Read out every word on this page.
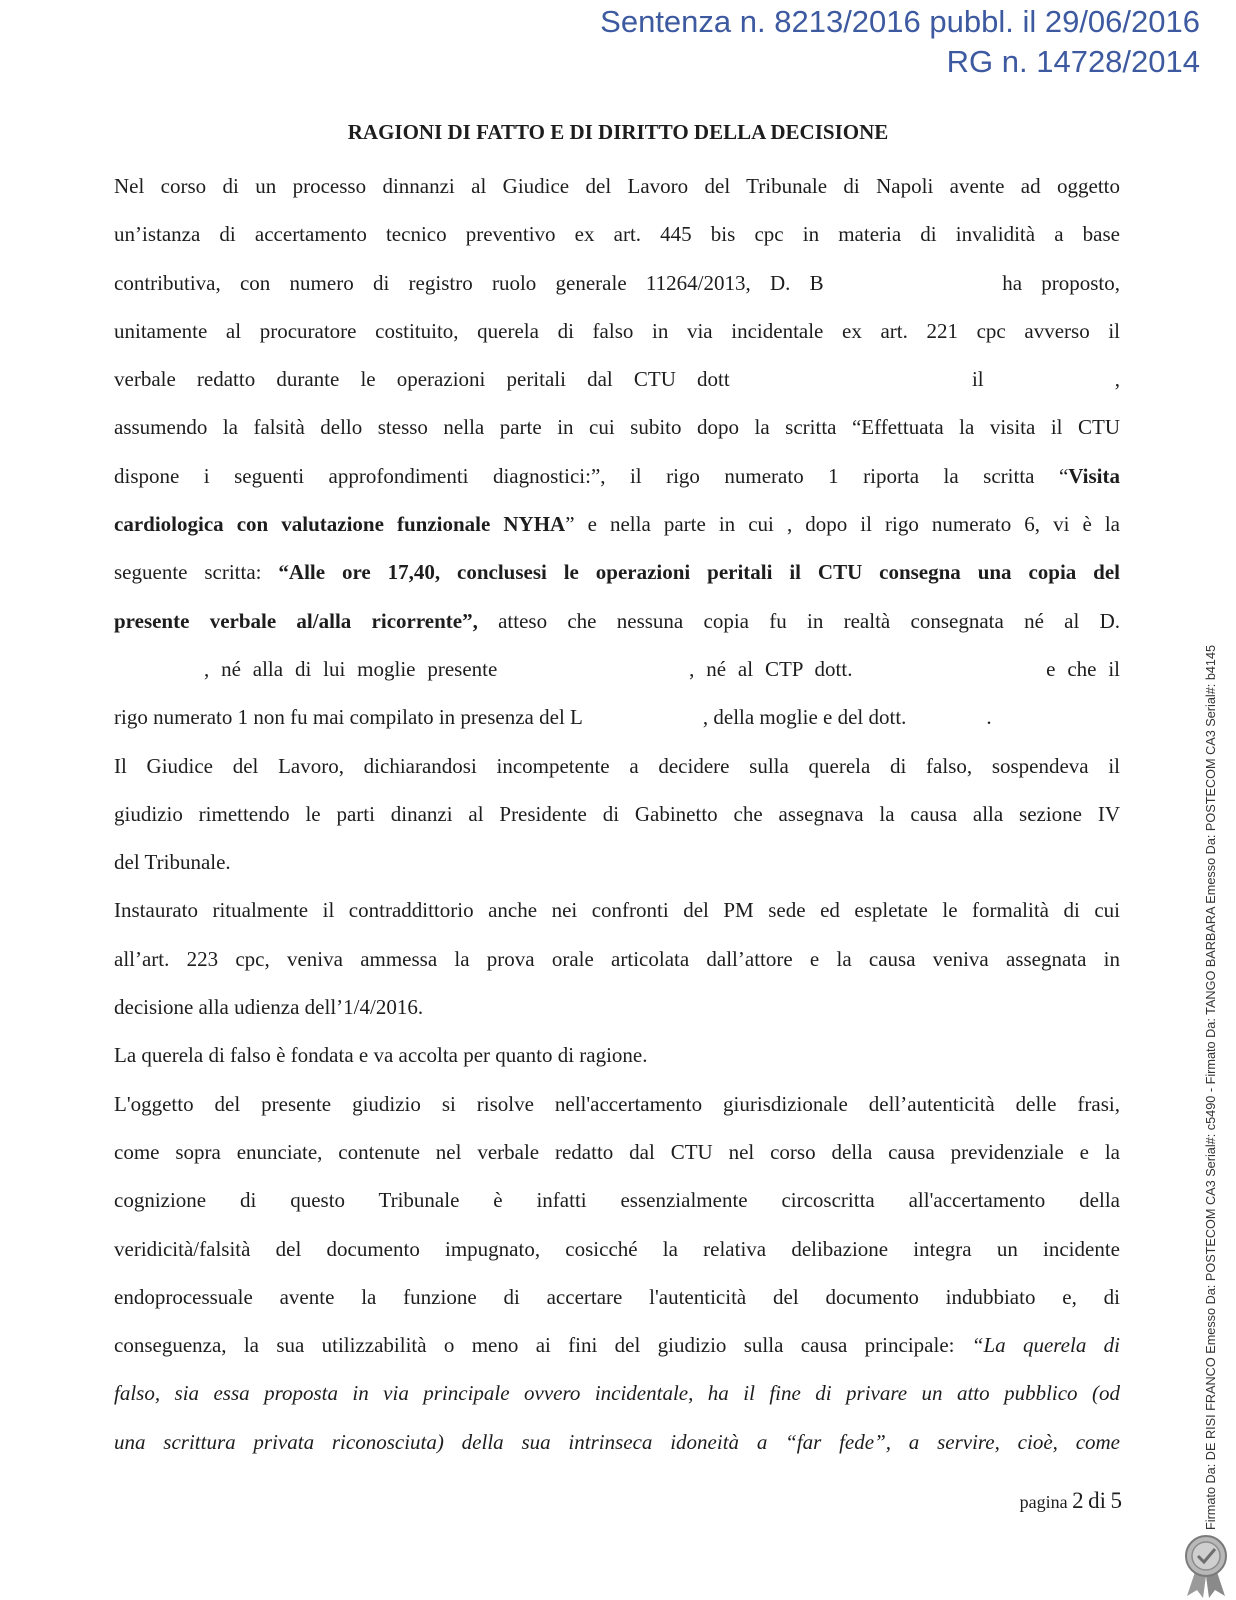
Sentenza n. 8213/2016 pubbl. il 29/06/2016
RG n. 14728/2014
RAGIONI DI FATTO E DI DIRITTO DELLA DECISIONE

Nel corso di un processo dinnanzi al Giudice del Lavoro del Tribunale di Napoli avente ad oggetto

un’istanza di accertamento tecnico preventivo ex art. 445 bis cpc in materia di invalidità a base

contributiva, con numero di registro ruolo generale 11264/2013, D. B	ha proposto,

unitamente al procuratore costituito, querela di falso in via incidentale ex art. 221 cpc avverso il

verbale redatto durante le operazioni peritali dal CTU dott	il	,

assumendo la falsità dello stesso nella parte in cui subito dopo la scritta “Effettuata la visita il CTU

dispone i seguenti approfondimenti diagnostici:”, il rigo numerato 1 riporta la scritta “Visita

cardiologica con valutazione funzionale NYHA” e nella parte in cui , dopo il rigo numerato 6, vi è la

seguente scritta: “Alle ore 17,40, conclusesi le operazioni peritali il CTU consegna una copia del

presente verbale al/alla ricorrente”, atteso che nessuna copia fu in realtà consegnata né al D.

, né alla di lui moglie presente	, né al CTP dott.	e che il

rigo numerato 1 non fu mai compilato in presenza del L	, della moglie e del dott.	.

Il Giudice del Lavoro, dichiarandosi incompetente a decidere sulla querela di falso, sospendeva il

giudizio rimettendo le parti dinanzi al Presidente di Gabinetto che assegnava la causa alla sezione IV

del Tribunale.

Instaurato ritualmente il contraddittorio anche nei confronti del PM sede ed espletate le formalità di cui

all’art. 223 cpc, veniva ammessa la prova orale articolata dall’attore e la causa veniva assegnata in

decisione alla udienza dell’1/4/2016.

La querela di falso è fondata e va accolta per quanto di ragione.

L'oggetto del presente giudizio si risolve nell'accertamento giurisdizionale dell’autenticità delle frasi,

come sopra enunciate, contenute nel verbale redatto dal CTU nel corso della causa previdenziale e la

cognizione di questo Tribunale è infatti essenzialmente circoscritta all'accertamento della

veridicità/falsità del documento impugnato, cosicché la relativa delibazione integra un incidente

endoprocessuale avente la funzione di accertare l'autenticità del documento indubbiato e, di

conseguenza, la sua utilizzabilità o meno ai fini del giudizio sulla causa principale: “La querela di

falso, sia essa proposta in via principale ovvero incidentale, ha il fine di privare un atto pubblico (od

una scrittura privata riconosciuta) della sua intrinseca idoneità a “far fede”, a servire, cioè, come

pagina 2 di 5	Firmato Da: DE RISI FRANCO Emesso Da: POSTECOM CA3 Serial#: c5490 - Firmato Da: TANGO BARBARA Emesso Da: POSTECOM CA3 Serial#: b4145
